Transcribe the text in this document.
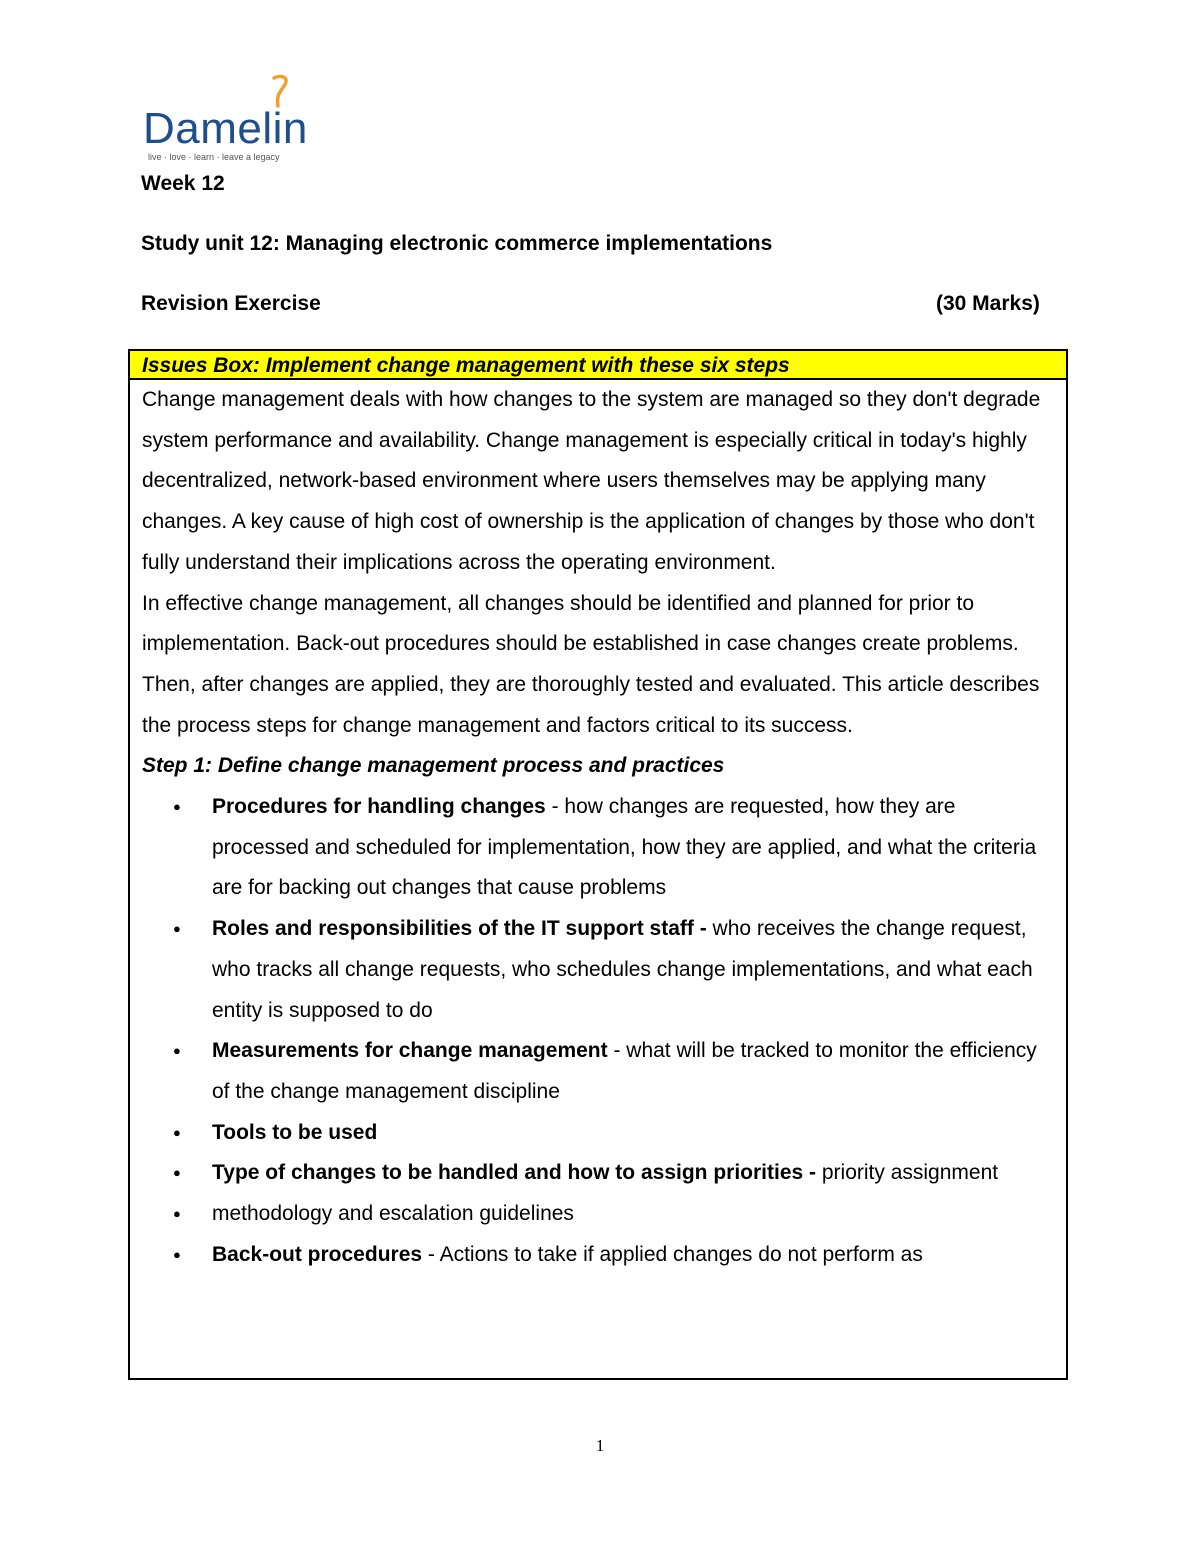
Damelin
live · love · learn · leave a legacy
Week 12
Study unit 12: Managing electronic commerce implementations
Revision Exercise	(30 Marks)
Issues Box: Implement change management with these six steps

Change management deals with how changes to the system are managed so they don't degrade system performance and availability. Change management is especially critical in today's highly decentralized, network-based environment where users themselves may be applying many changes. A key cause of high cost of ownership is the application of changes by those who don't fully understand their implications across the operating environment.

In effective change management, all changes should be identified and planned for prior to implementation. Back-out procedures should be established in case changes create problems.

Then, after changes are applied, they are thoroughly tested and evaluated. This article describes the process steps for change management and factors critical to its success.

Step 1: Define change management process and practices

● Procedures for handling changes - how changes are requested, how they are processed and scheduled for implementation, how they are applied, and what the criteria are for backing out changes that cause problems
● Roles and responsibilities of the IT support staff - who receives the change request, who tracks all change requests, who schedules change implementations, and what each entity is supposed to do
● Measurements for change management - what will be tracked to monitor the efficiency of the change management discipline
● Tools to be used
● Type of changes to be handled and how to assign priorities - priority assignment
● methodology and escalation guidelines
● Back-out procedures - Actions to take if applied changes do not perform as
1
